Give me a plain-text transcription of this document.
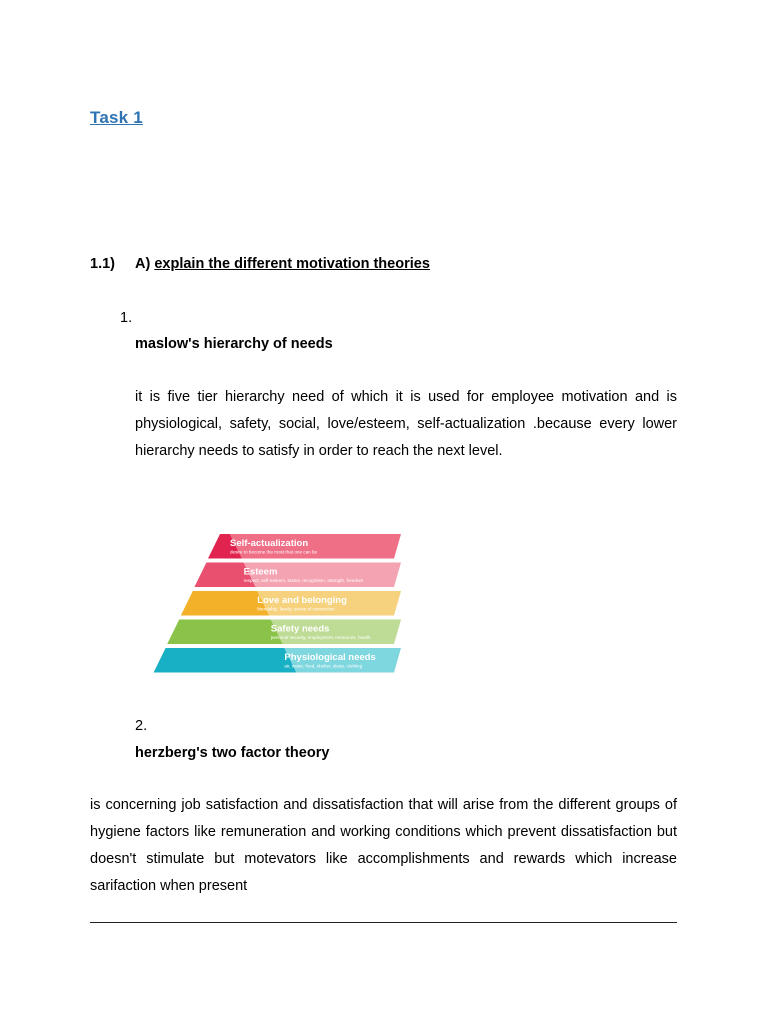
Task 1
1.1) A) explain the different motivation theories
1.
maslow's hierarchy of needs
it is five tier hierarchy need of which it is used for employee motivation and is physiological, safety, social, love/esteem, self-actualization .because every lower hierarchy needs to satisfy in order to reach the next level.
Self-actualization
desire to become the most that one can be
Esteem
respect, self-esteem, status, recognition, strength, freedom
Love and belonging
friendship, family, sense of connection
Safety needs
personal security, employment, resources, health
Physiological needs
air, water, food, shelter, sleep, clothing
2.
herzberg's two factor theory
is concerning job satisfaction and dissatisfaction that will arise from the different groups of hygiene factors like remuneration and working conditions which prevent dissatisfaction but doesn't stimulate but motevators like accomplishments and rewards which increase sarifaction when present
